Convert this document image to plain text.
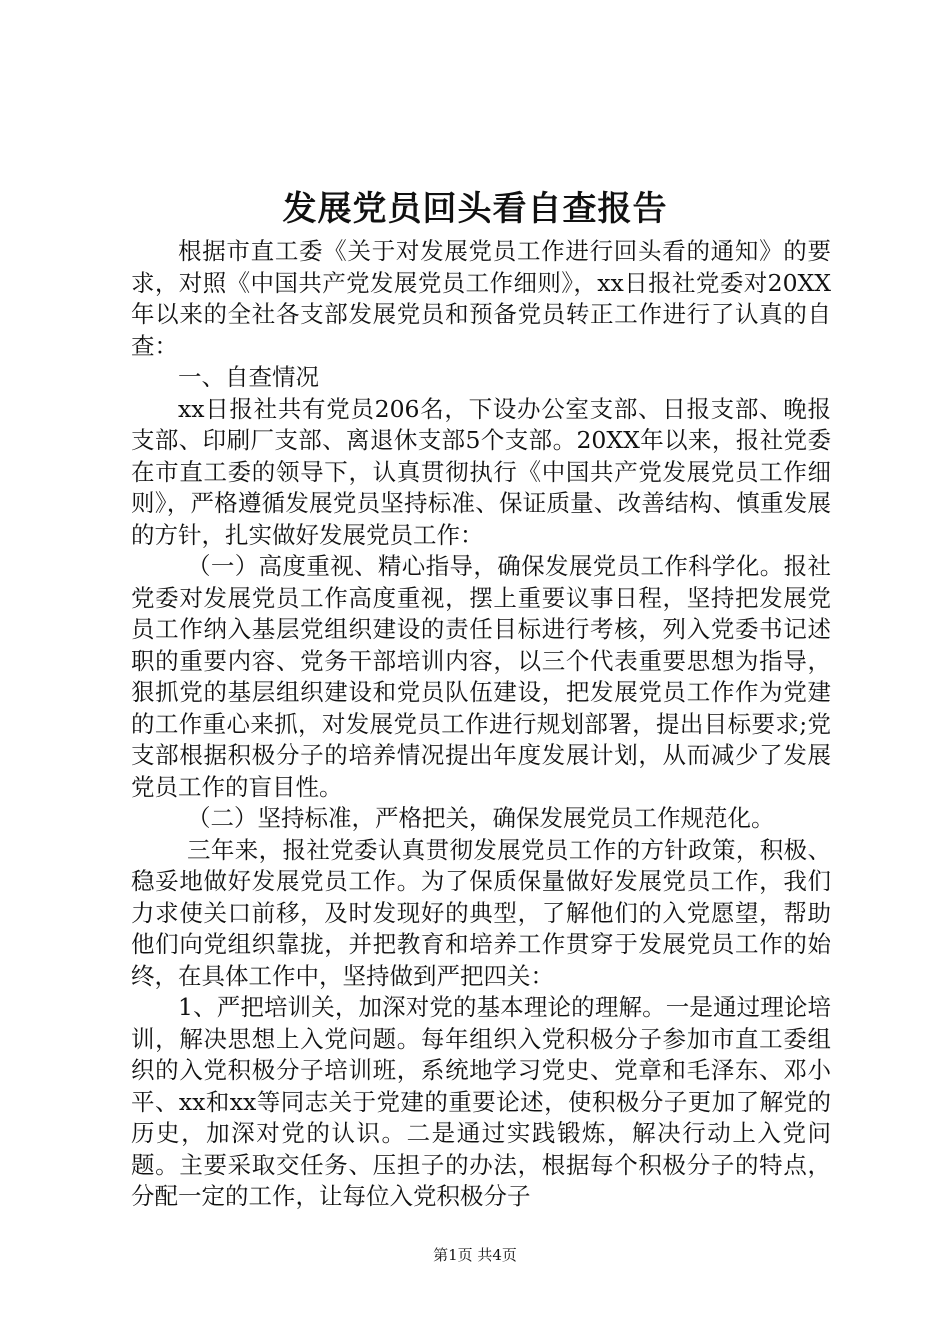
发展党员回头看自查报告

根据市直工委《关于对发展党员工作进行回头看的通知》的要求，对照《中国共产党发展党员工作细则》，xx日报社党委对20XX年以来的全社各支部发展党员和预备党员转正工作进行了认真的自查：

一、自查情况

xx日报社共有党员206名，下设办公室支部、日报支部、晚报支部、印刷厂支部、离退休支部5个支部。20XX年以来，报社党委在市直工委的领导下，认真贯彻执行《中国共产党发展党员工作细则》，严格遵循发展党员坚持标准、保证质量、改善结构、慎重发展的方针，扎实做好发展党员工作：

（一）高度重视、精心指导，确保发展党员工作科学化。报社党委对发展党员工作高度重视，摆上重要议事日程，坚持把发展党员工作纳入基层党组织建设的责任目标进行考核，列入党委书记述职的重要内容、党务干部培训内容，以三个代表重要思想为指导，狠抓党的基层组织建设和党员队伍建设，把发展党员工作作为党建的工作重心来抓，对发展党员工作进行规划部署，提出目标要求;党支部根据积极分子的培养情况提出年度发展计划，从而减少了发展党员工作的盲目性。

（二）坚持标准，严格把关，确保发展党员工作规范化。

三年来，报社党委认真贯彻发展党员工作的方针政策，积极、稳妥地做好发展党员工作。为了保质保量做好发展党员工作，我们力求使关口前移，及时发现好的典型，了解他们的入党愿望，帮助他们向党组织靠拢，并把教育和培养工作贯穿于发展党员工作的始终，在具体工作中，坚持做到严把四关：

1、严把培训关，加深对党的基本理论的理解。一是通过理论培训，解决思想上入党问题。每年组织入党积极分子参加市直工委组织的入党积极分子培训班，系统地学习党史、党章和毛泽东、邓小平、xx和xx等同志关于党建的重要论述，使积极分子更加了解党的历史，加深对党的认识。二是通过实践锻炼，解决行动上入党问题。主要采取交任务、压担子的办法，根据每个积极分子的特点，分配一定的工作，让每位入党积极分子

第1页 共4页
